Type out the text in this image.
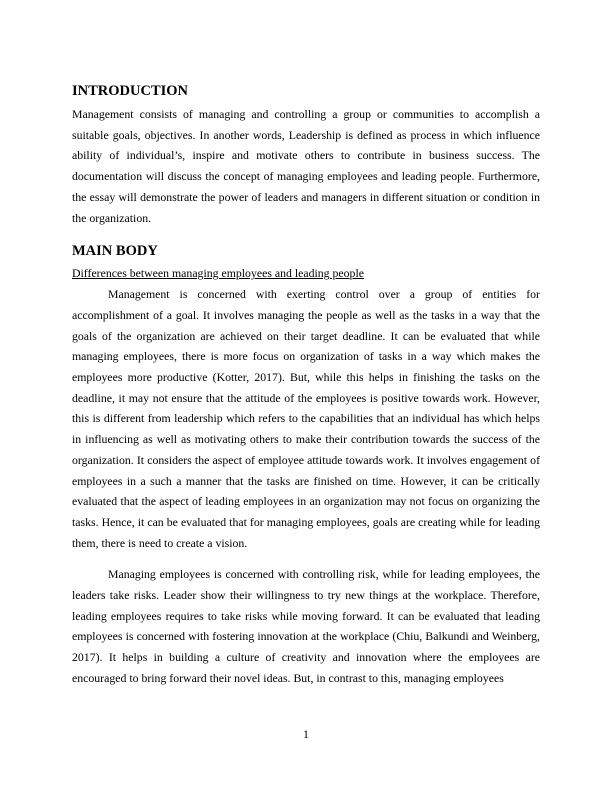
INTRODUCTION

Management consists of managing and controlling a group or communities to accomplish a suitable goals, objectives. In another words, Leadership is defined as process in which influence ability of individual’s, inspire and motivate others to contribute in business success. The documentation will discuss the concept of managing employees and leading people. Furthermore, the essay will demonstrate the power of leaders and managers in different situation or condition in the organization.

MAIN BODY
Differences between managing employees and leading people

Management is concerned with exerting control over a group of entities for accomplishment of a goal. It involves managing the people as well as the tasks in a way that the goals of the organization are achieved on their target deadline. It can be evaluated that while managing employees, there is more focus on organization of tasks in a way which makes the employees more productive (Kotter, 2017). But, while this helps in finishing the tasks on the deadline, it may not ensure that the attitude of the employees is positive towards work. However, this is different from leadership which refers to the capabilities that an individual has which helps in influencing as well as motivating others to make their contribution towards the success of the organization. It considers the aspect of employee attitude towards work. It involves engagement of employees in a such a manner that the tasks are finished on time. However, it can be critically evaluated that the aspect of leading employees in an organization may not focus on organizing the tasks. Hence, it can be evaluated that for managing employees, goals are creating while for leading them, there is need to create a vision.

Managing employees is concerned with controlling risk, while for leading employees, the leaders take risks. Leader show their willingness to try new things at the workplace. Therefore, leading employees requires to take risks while moving forward. It can be evaluated that leading employees is concerned with fostering innovation at the workplace (Chiu, Balkundi and Weinberg, 2017). It helps in building a culture of creativity and innovation where the employees are encouraged to bring forward their novel ideas. But, in contrast to this, managing employees

1
